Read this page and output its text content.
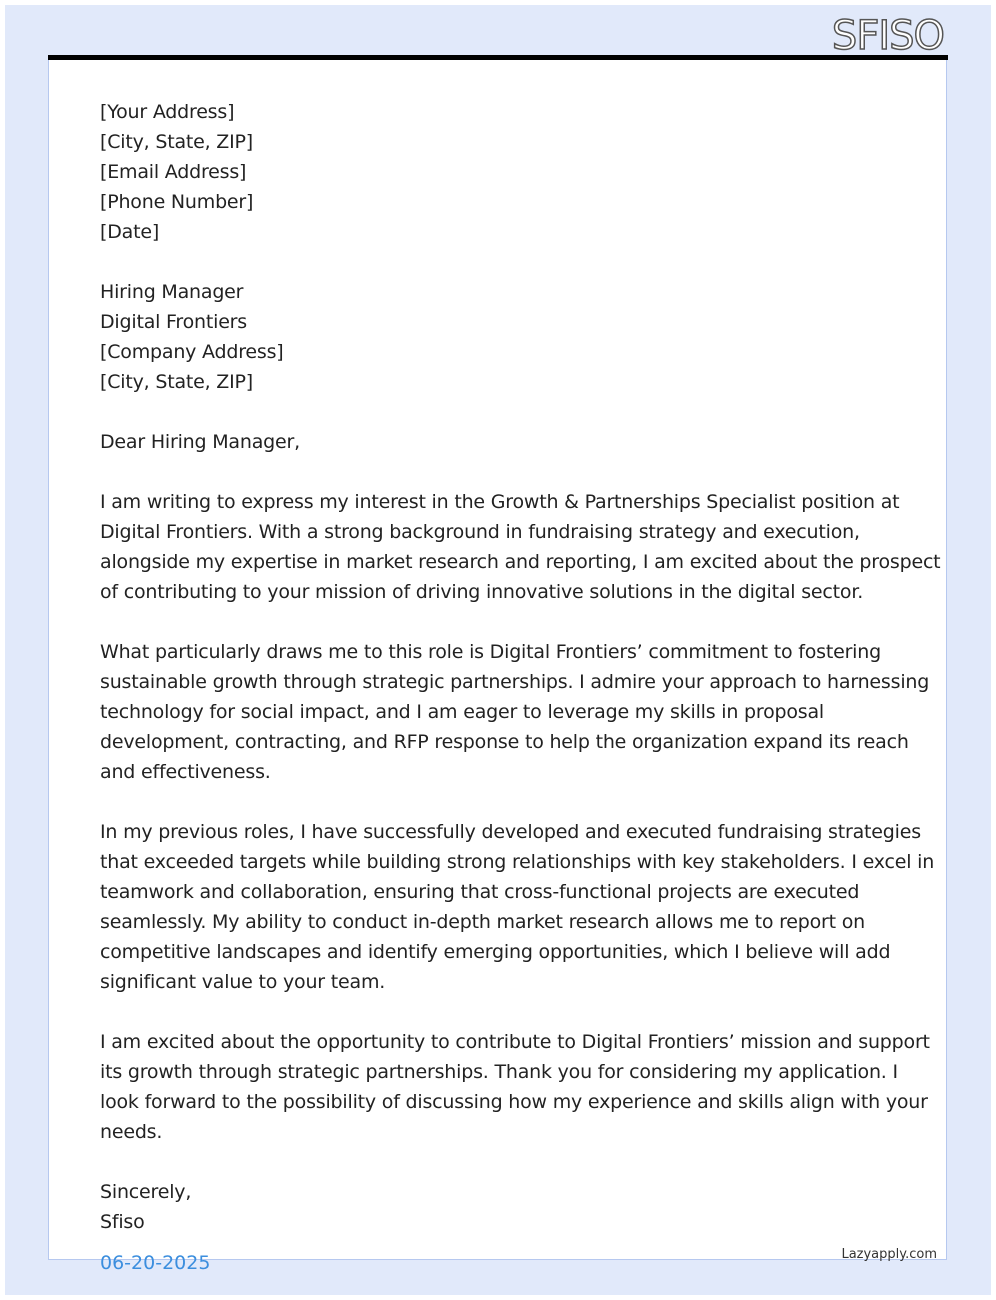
SFISO
[Your Address]
[City, State, ZIP]
[Email Address]
[Phone Number]
[Date]
Hiring Manager
Digital Frontiers
[Company Address]
[City, State, ZIP]
Dear Hiring Manager,
I am writing to express my interest in the Growth & Partnerships Specialist position at
Digital Frontiers. With a strong background in fundraising strategy and execution,
alongside my expertise in market research and reporting, I am excited about the prospect
of contributing to your mission of driving innovative solutions in the digital sector.
What particularly draws me to this role is Digital Frontiers’ commitment to fostering
sustainable growth through strategic partnerships. I admire your approach to harnessing
technology for social impact, and I am eager to leverage my skills in proposal
development, contracting, and RFP response to help the organization expand its reach
and effectiveness.
In my previous roles, I have successfully developed and executed fundraising strategies
that exceeded targets while building strong relationships with key stakeholders. I excel in
teamwork and collaboration, ensuring that cross-functional projects are executed
seamlessly. My ability to conduct in-depth market research allows me to report on
competitive landscapes and identify emerging opportunities, which I believe will add
significant value to your team.
I am excited about the opportunity to contribute to Digital Frontiers’ mission and support
its growth through strategic partnerships. Thank you for considering my application. I
look forward to the possibility of discussing how my experience and skills align with your
needs.
Sincerely,
Sfiso
06-20-2025	Lazyapply.com
